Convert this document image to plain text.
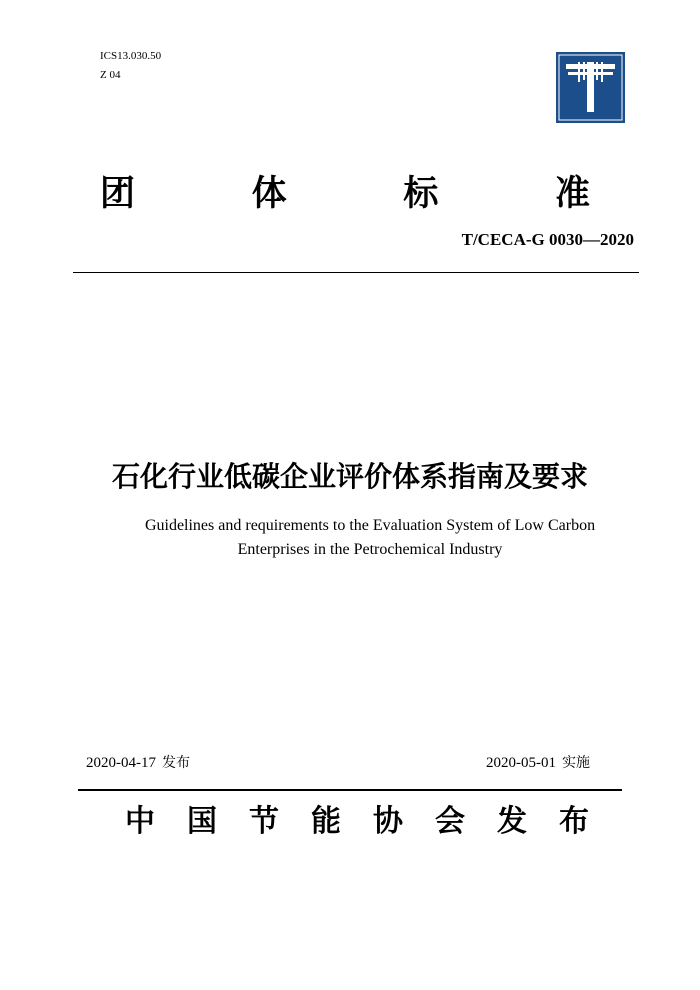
ICS13.030.50
Z 04
团	体	标	准
T/CECA-G 0030—2020
石化行业低碳企业评价体系指南及要求
Guidelines and requirements to the Evaluation System of Low Carbon
Enterprises in the Petrochemical Industry
2020-04-17 发布	2020-05-01 实施
中 国 节 能 协 会 发 布
